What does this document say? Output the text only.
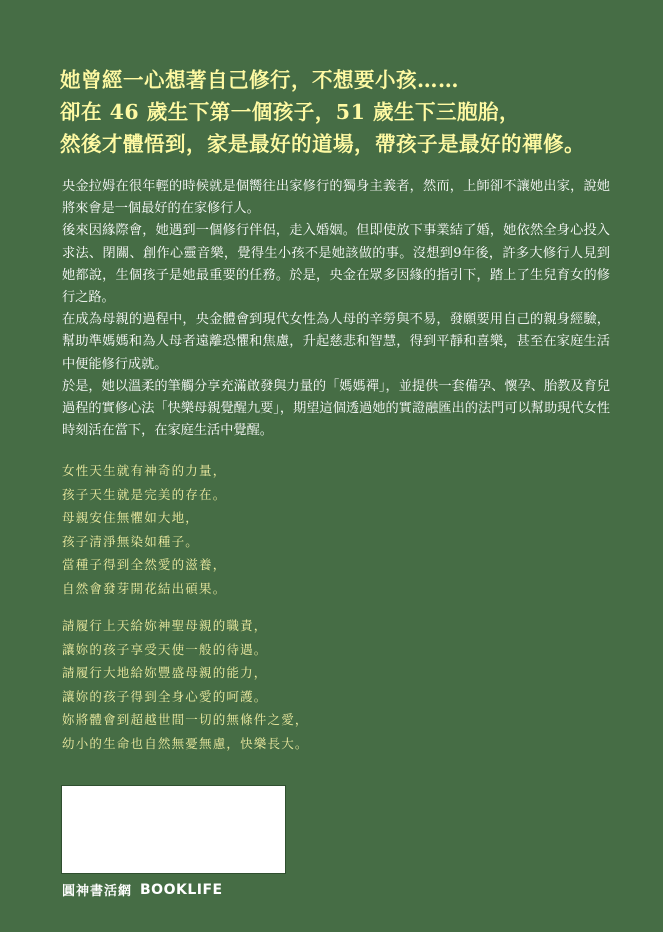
她曾經一心想著自己修行，不想要小孩……
卻在 46 歲生下第一個孩子，51 歲生下三胞胎，
然後才體悟到，家是最好的道場，帶孩子是最好的禪修。

央金拉姆在很年輕的時候就是個嚮往出家修行的獨身主義者，然而，上師卻不讓她出家，說她將來會是一個最好的在家修行人。

後來因緣際會，她遇到一個修行伴侶，走入婚姻。但即使放下事業結了婚，她依然全身心投入求法、閉關、創作心靈音樂，覺得生小孩不是她該做的事。沒想到9年後，許多大修行人見到她都說，生個孩子是她最重要的任務。於是，央金在眾多因緣的指引下，踏上了生兒育女的修行之路。

在成為母親的過程中，央金體會到現代女性為人母的辛勞與不易，發願要用自己的親身經驗，幫助準媽媽和為人母者遠離恐懼和焦慮，升起慈悲和智慧，得到平靜和喜樂，甚至在家庭生活中便能修行成就。

於是，她以溫柔的筆觸分享充滿啟發與力量的「媽媽禪」，並提供一套備孕、懷孕、胎教及育兒過程的實修心法「快樂母親覺醒九要」，期望這個透過她的實證融匯出的法門可以幫助現代女性時刻活在當下，在家庭生活中覺醒。

女性天生就有神奇的力量，
孩子天生就是完美的存在。
母親安住無懼如大地，
孩子清淨無染如種子。
當種子得到全然愛的滋養，
自然會發芽開花結出碩果。
請履行上天給妳神聖母親的職責，
讓妳的孩子享受天使一般的待遇。
請履行大地給妳豐盛母親的能力，
讓妳的孩子得到全身心愛的呵護。
妳將體會到超越世間一切的無條件之愛，
幼小的生命也自然無憂無慮，快樂長大。
圓神書活網 BOOKLIFE
